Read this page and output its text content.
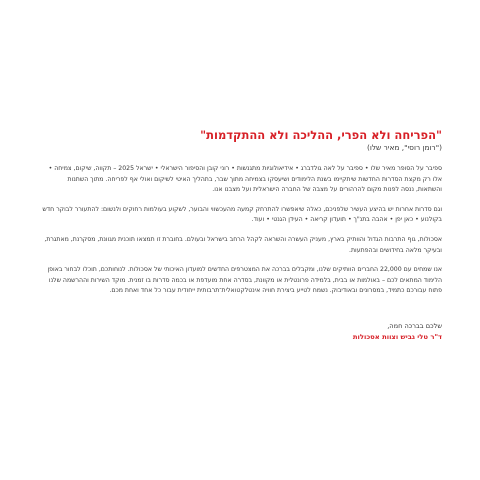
"הפריחה ולא הפרי, ההליכה ולא ההתקדמות"

("רומן רוסי", מאיר שלו)

ספיבר על הסופר מאיר שלו • ספיבר על לאה גולדברג • אידיאולוגיות מתגנשות • רוני קובן והסיפור הישראלי • ישראל 2025 – תקווה, שיקום, צמיחה • אלו רק מקצת הסדרות החדשות שיתקיימו בשנת הלימודים ושיעסקו בצמיחה מתוך שבר, בתהליך האיטי לשיקום ואולי אף לפריחה. מתוך השתנות והשתאות, ננסה לפנות מקום להרהורים על מצבה של החברה הישראלית ועל מצבנו אנו.

וגם סדרות אחרות יש בהיצע העשיר שלפניכם, כאלה שיאפשרו להתרחק קמעה מהעכשווי והבוער, לשקוע בעולמות רחוקים ולנשום: להתעורר לבוקר חדש בקולנוע • כאן יפן • אהבה בתנ"ך • תועדון קריאה • העידן הגנטי • ועוד.

אסכולות, גוף התרבות הגדול והוותיק בארץ, מעניק העשרה והשראה לקהל הרחב בישראל ובעולם. בחוברת זו תמצאו תוכנית מגוונת, מסקרנת, מאתגרת, ובעיקר מלאה בחידושים ובהפתעות.

אנו שמחים עם 22,000 החברים הוותיקים שלנו, ומקבלים בברכה את המצטרפים החדשים למועדון האיכותי של אסכולות. לנוחותכם, תוכלו לבחור באופן הלימוד המתאים לכם – באולמות או בבית, בלמידה פרונטלית או מקוונת, בסדרה אחת מועדפת או בכמה סדרות בו זמנית. מוקד השירות וההרשמה שלנו פתוח עבורכם כתמיד, במסרונים ובאודיבוק. נשמח לטייע ביצירת חוויה אינטלקטואלית־תרבותית ייחודית עבור כל אחד ואחת מכם.

שלכם בברכה חמה,

ד"ר טלי גביש וצוות אסכולות
